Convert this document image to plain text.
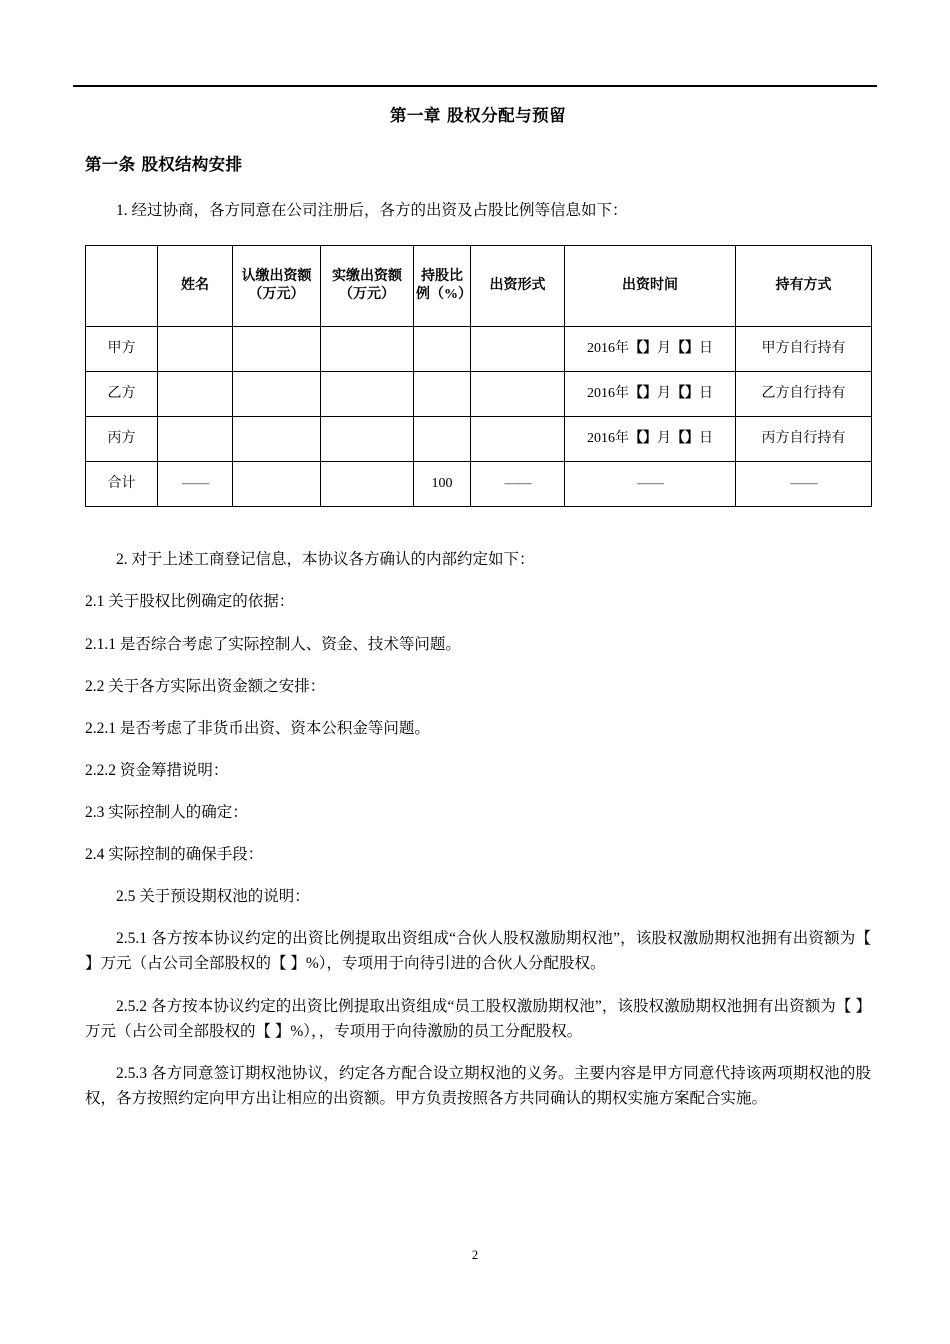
第一章 股权分配与预留
第一条 股权结构安排

1. 经过协商，各方同意在公司注册后，各方的出资及占股比例等信息如下：

	姓名	认缴出资额（万元）	实缴出资额（万元）	持股比例（%）	出资形式	出资时间	持有方式
甲方						2016年【】月【】日	甲方自行持有
乙方						2016年【】月【】日	乙方自行持有
丙方						2016年【】月【】日	丙方自行持有
合计	——			100	——	——	——

2. 对于上述工商登记信息，本协议各方确认的内部约定如下：

2.1 关于股权比例确定的依据：

2.1.1 是否综合考虑了实际控制人、资金、技术等问题。

2.2 关于各方实际出资金额之安排：

2.2.1 是否考虑了非货币出资、资本公积金等问题。

2.2.2 资金筹措说明：

2.3 实际控制人的确定：

2.4 实际控制的确保手段：

2.5 关于预设期权池的说明：

2.5.1 各方按本协议约定的出资比例提取出资组成“合伙人股权激励期权池”，该股权激励期权池拥有出资额为【 】万元（占公司全部股权的【 】%），专项用于向待引进的合伙人分配股权。

2.5.2 各方按本协议约定的出资比例提取出资组成“员工股权激励期权池”，该股权激励期权池拥有出资额为【 】万元（占公司全部股权的【 】%），，专项用于向待激励的员工分配股权。

2.5.3 各方同意签订期权池协议，约定各方配合设立期权池的义务。主要内容是甲方同意代持该两项期权池的股权，各方按照约定向甲方出让相应的出资额。甲方负责按照各方共同确认的期权实施方案配合实施。

2
